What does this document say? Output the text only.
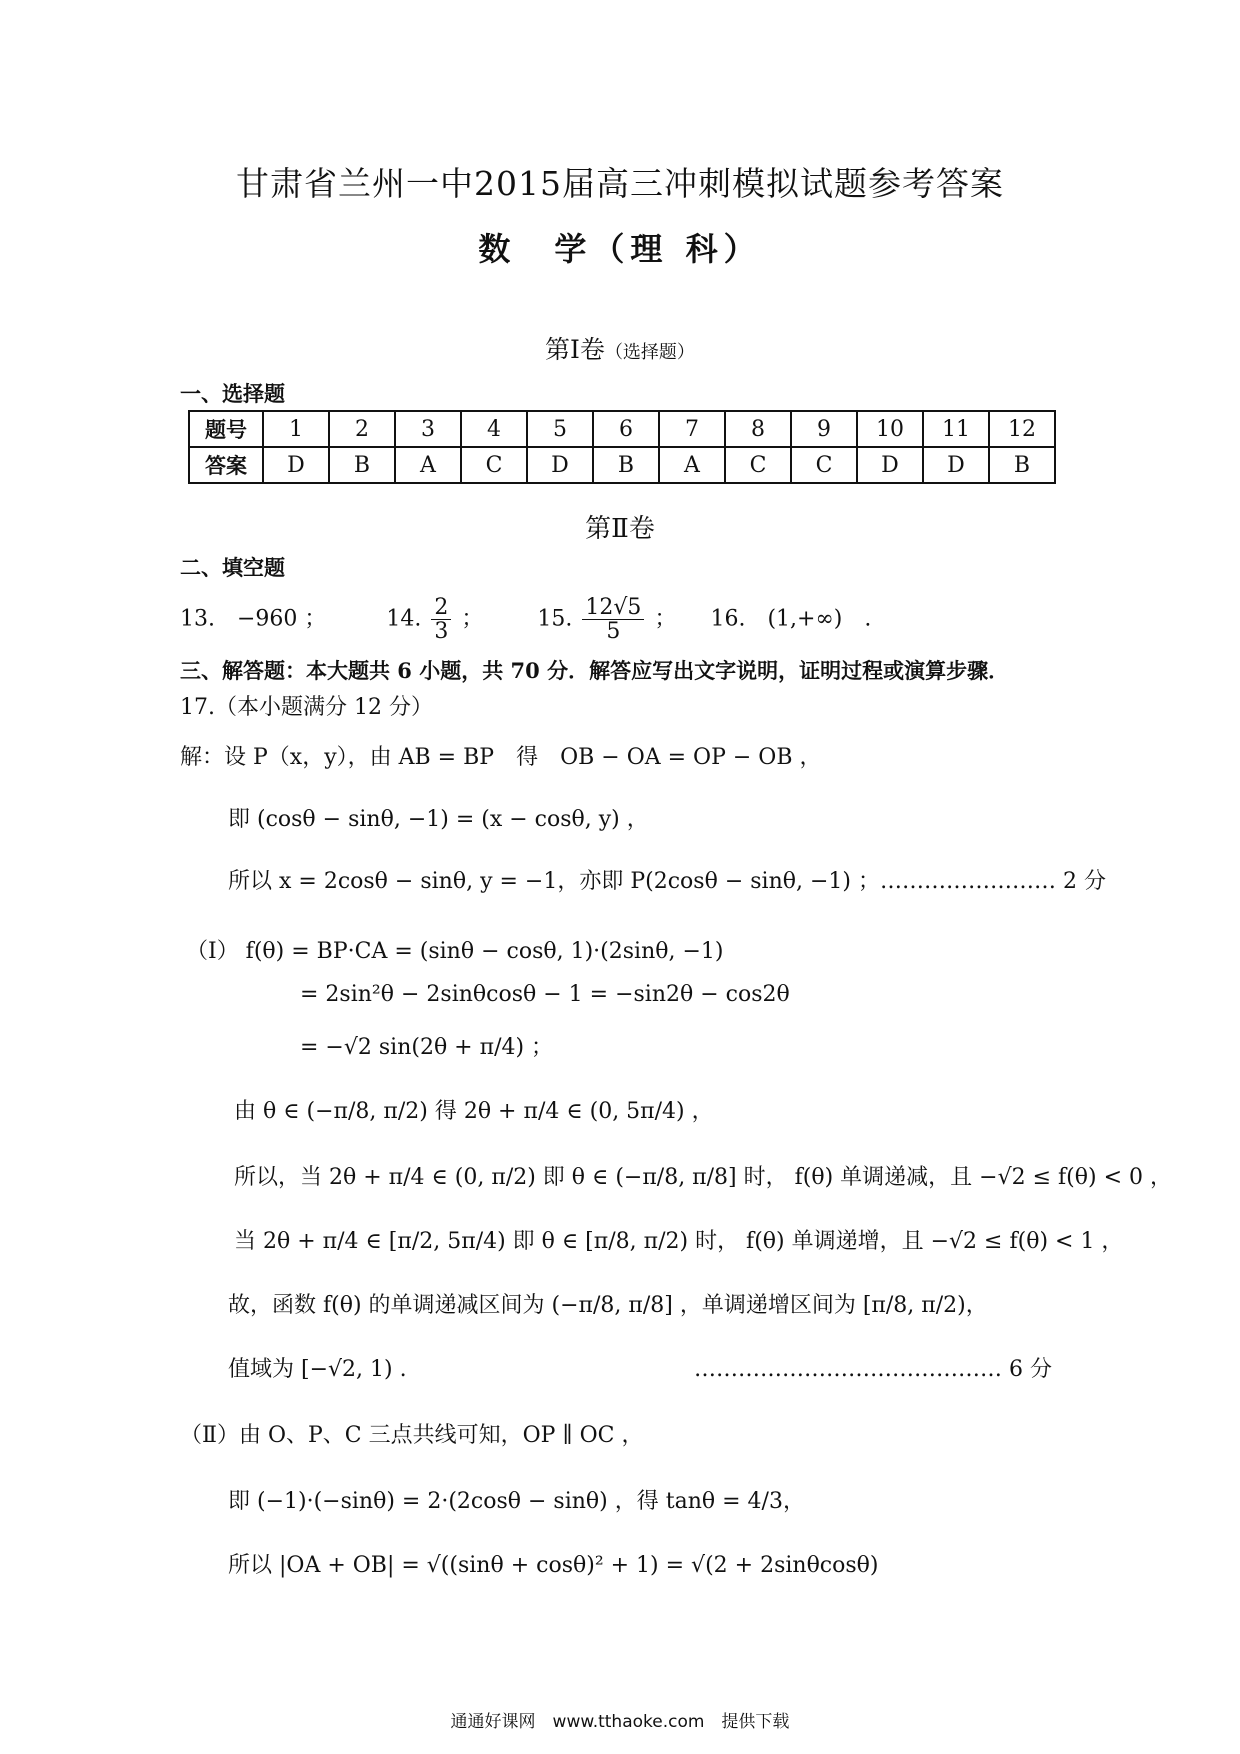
甘肃省兰州一中2015届高三冲刺模拟试题参考答案
数　学（理 科）
第Ⅰ卷（选择题）
一、选择题
题号	1	2	3	4	5	6	7	8	9	10	11	12
答案	D	B	A	C	D	B	A	C	C	D	D	B
第Ⅱ卷
二、填空题
13.　−960 ；	14. $\frac{2}{3}$ ； 15. $\frac{12√5}{5}$ ； 16.　(1,+∞)　.
三、解答题：本大题共 6 小题，共 70 分．解答应写出文字说明，证明过程或演算步骤．
17.（本小题满分 12 分）
解：设 P（x，y），由 AB = BP　得　OB − OA = OP − OB ，
即 (cosθ − sinθ, −1) = (x − cosθ, y) ，
所以 x = 2cosθ − sinθ, y = −1，亦即 P(2cosθ − sinθ, −1) ；…………………… 2 分
（Ⅰ） f(θ) = BP·CA = (sinθ − cosθ, 1)·(2sinθ, −1)
= 2sin²θ − 2sinθcosθ − 1 = −sin2θ − cos2θ
= −√2 sin(2θ + π/4) ；
由 θ ∈ (−π/8, π/2) 得 2θ + π/4 ∈ (0, 5π/4) ，
所以，当 2θ + π/4 ∈ (0, π/2) 即 θ ∈ (−π/8, π/8] 时， f(θ) 单调递减，且 −√2 ≤ f(θ) < 0 ，
当 2θ + π/4 ∈ [π/2, 5π/4) 即 θ ∈ [π/8, π/2) 时， f(θ) 单调递增，且 −√2 ≤ f(θ) < 1 ，
故，函数 f(θ) 的单调递减区间为 (−π/8, π/8] ，单调递增区间为 [π/8, π/2)，
值域为 [−√2, 1) .	…………………………………… 6 分
（Ⅱ）由 O、P、C 三点共线可知，OP ∥ OC ，
即 (−1)·(−sinθ) = 2·(2cosθ − sinθ) ，得 tanθ = 4/3，
所以 |OA + OB| = √((sinθ + cosθ)² + 1) = √(2 + 2sinθcosθ)
通通好课网　www.tthaoke.com　提供下载
